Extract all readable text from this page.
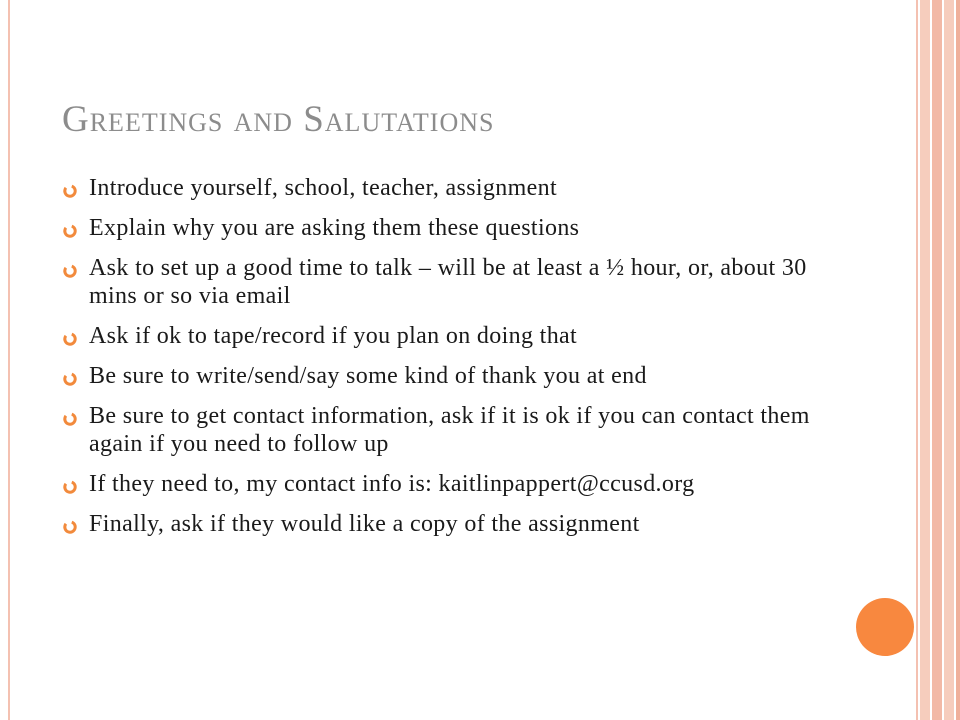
Greetings and Salutations
Introduce yourself, school, teacher, assignment
Explain why you are asking them these questions
Ask to set up a good time to talk – will be at least a ½ hour, or, about 30 mins or so via email
Ask if ok to tape/record if you plan on doing that
Be sure to write/send/say some kind of thank you at end
Be sure to get contact information, ask if it is ok if you can contact them again if you need to follow up
If they need to, my contact info is: kaitlinpappert@ccusd.org
Finally, ask if they would like a copy of the assignment
